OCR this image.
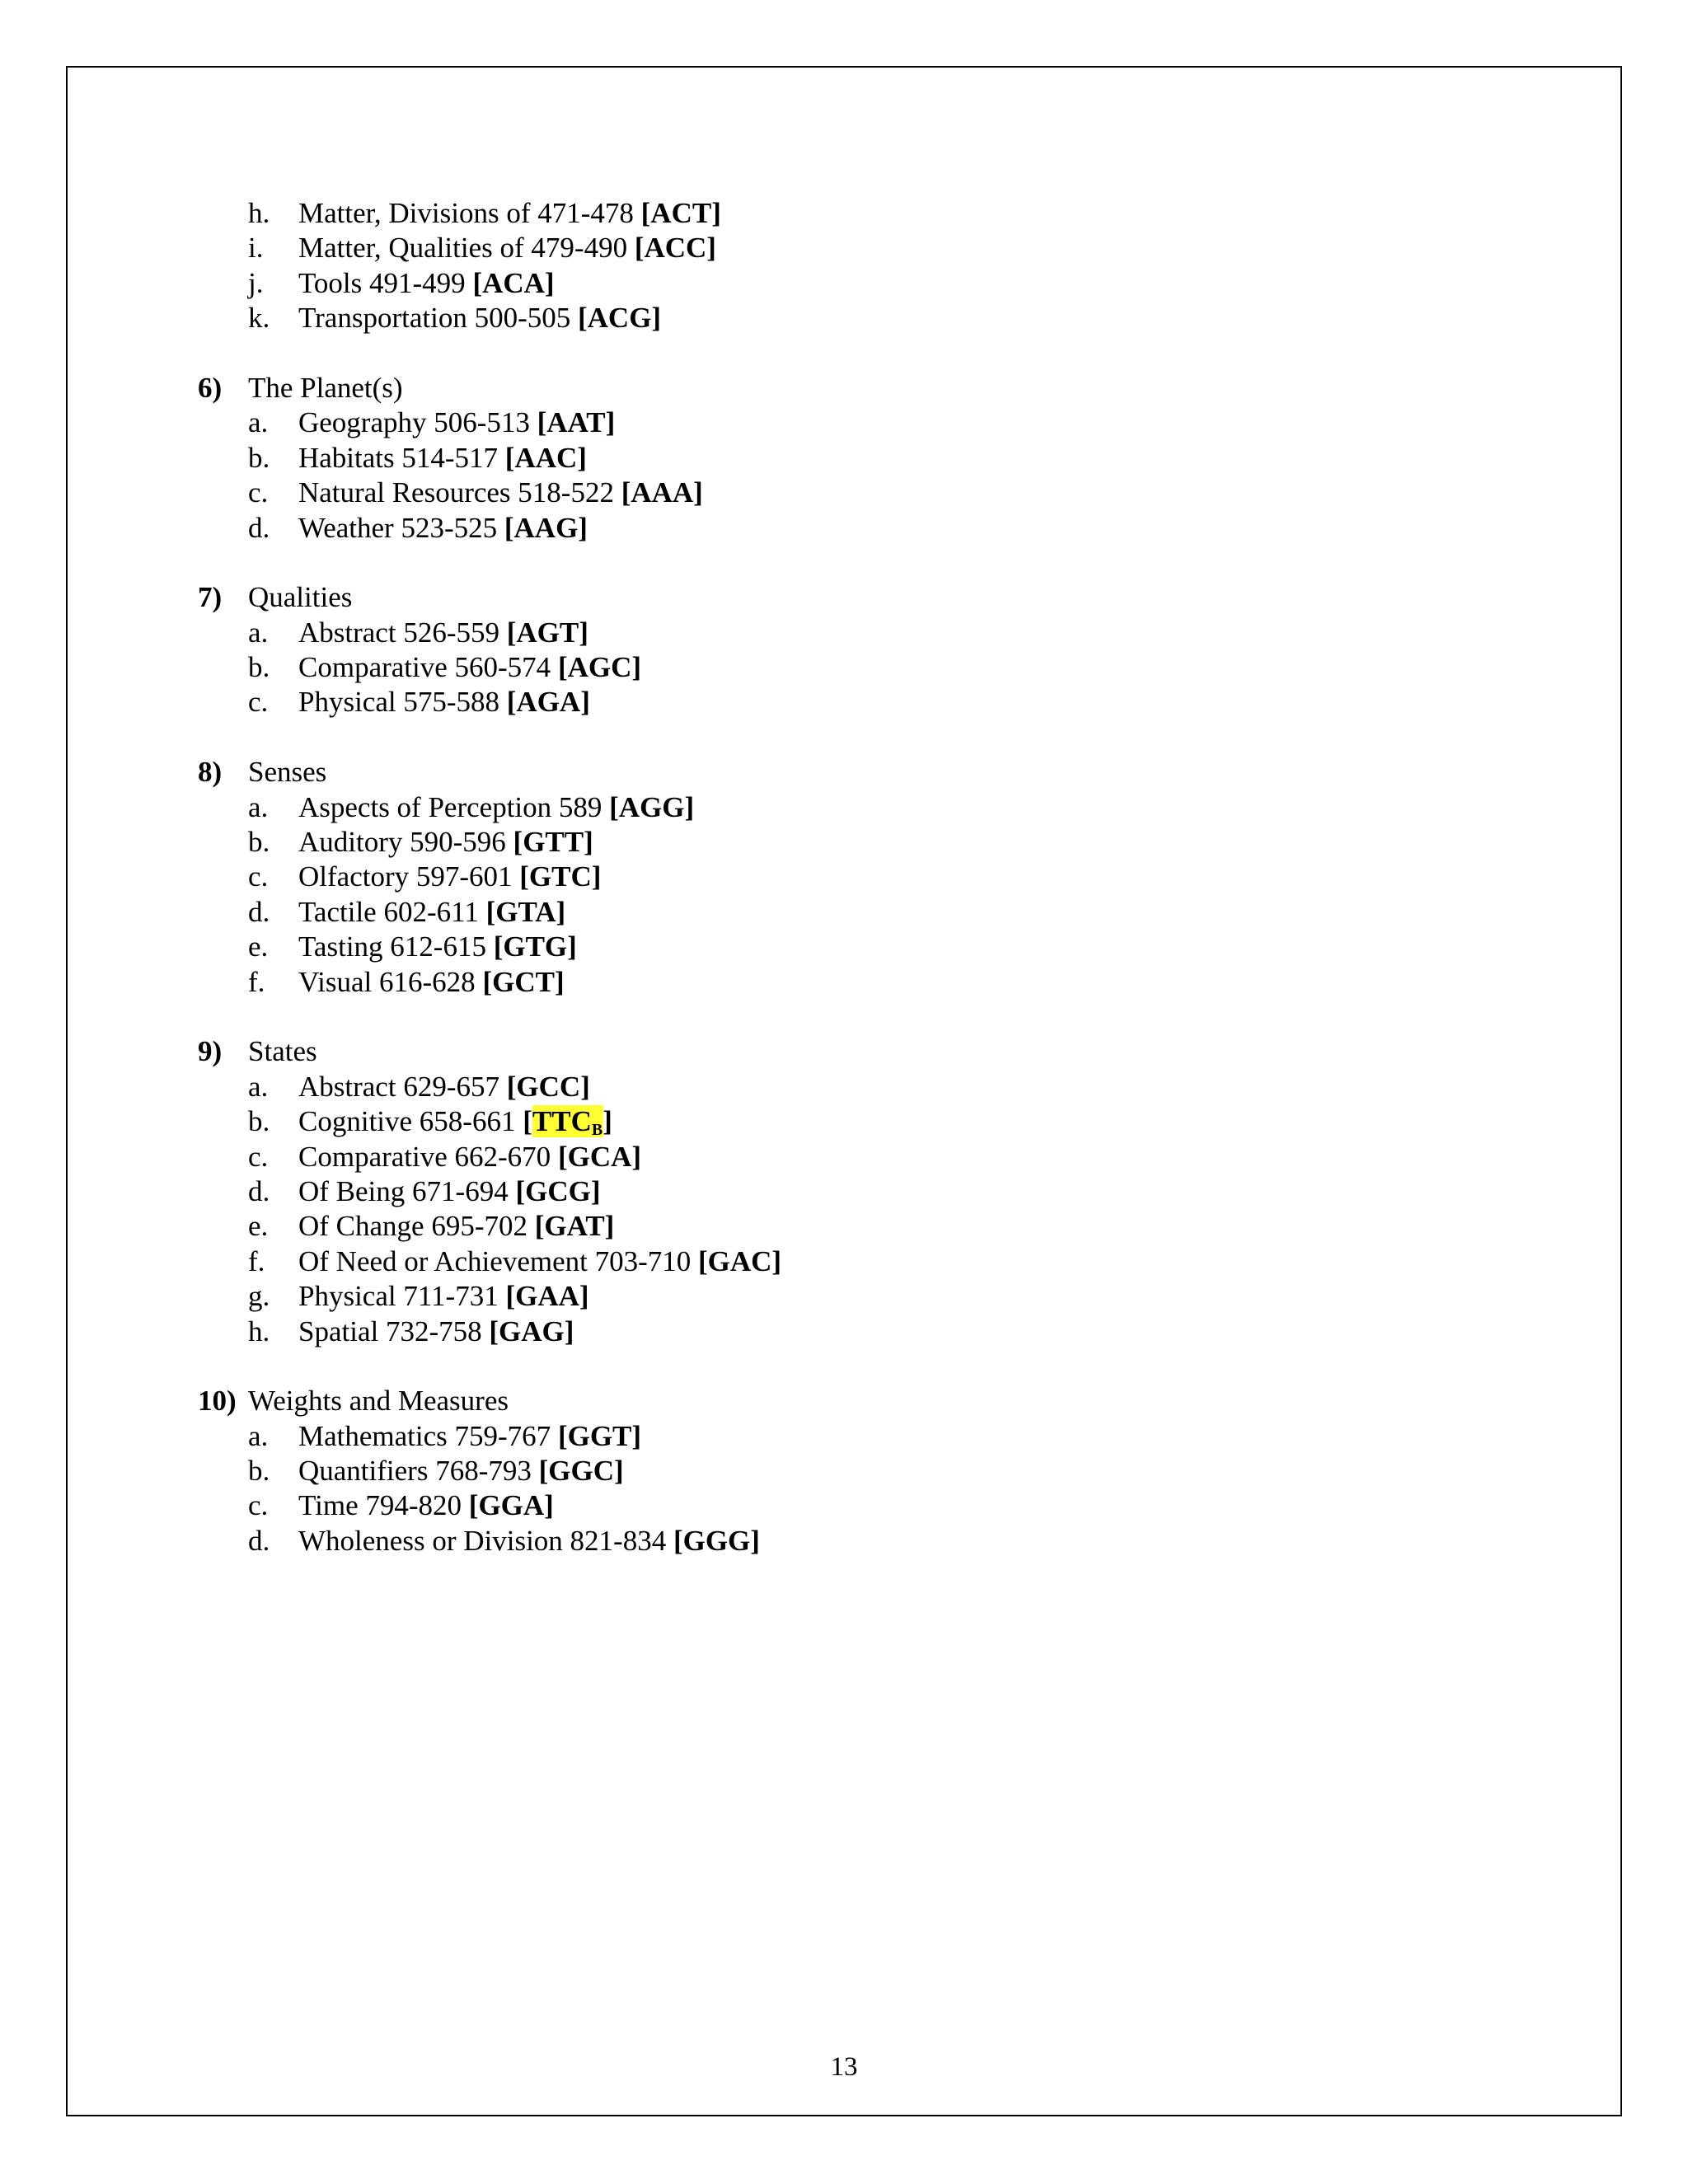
h. Matter, Divisions of 471-478 [ACT]
i.	Matter, Qualities of 479-490 [ACC]
j.	Tools 491-499 [ACA]
k. Transportation 500-505 [ACG]
6) The Planet(s)
a.	Geography 506-513 [AAT]
b. Habitats 514-517 [AAC]
c.	Natural Resources 518-522 [AAA]
d. Weather 523-525 [AAG]
7) Qualities
a.	Abstract 526-559 [AGT]
b. Comparative 560-574 [AGC]
c.	Physical 575-588 [AGA]
8) Senses
a.	Aspects of Perception 589 [AGG]
b. Auditory 590-596 [GTT]
c.	Olfactory 597-601 [GTC]
d. Tactile 602-611 [GTA]
e.	Tasting 612-615 [GTG]
f.	Visual 616-628 [GCT]
9) States
a.	Abstract 629-657 [GCC]
b. Cognitive 658-661 $[TTC_B]$
c.	Comparative 662-670 [GCA]
d. Of Being 671-694 [GCG]
e.	Of Change 695-702 [GAT]
f.	Of Need or Achievement 703-710 [GAC]
g. Physical 711-731 [GAA]
h. Spatial 732-758 [GAG]
10) Weights and Measures
a.	Mathematics 759-767 [GGT]
b. Quantifiers 768-793 [GGC]
c.	Time 794-820 [GGA]
d. Wholeness or Division 821-834 [GGG]
13
